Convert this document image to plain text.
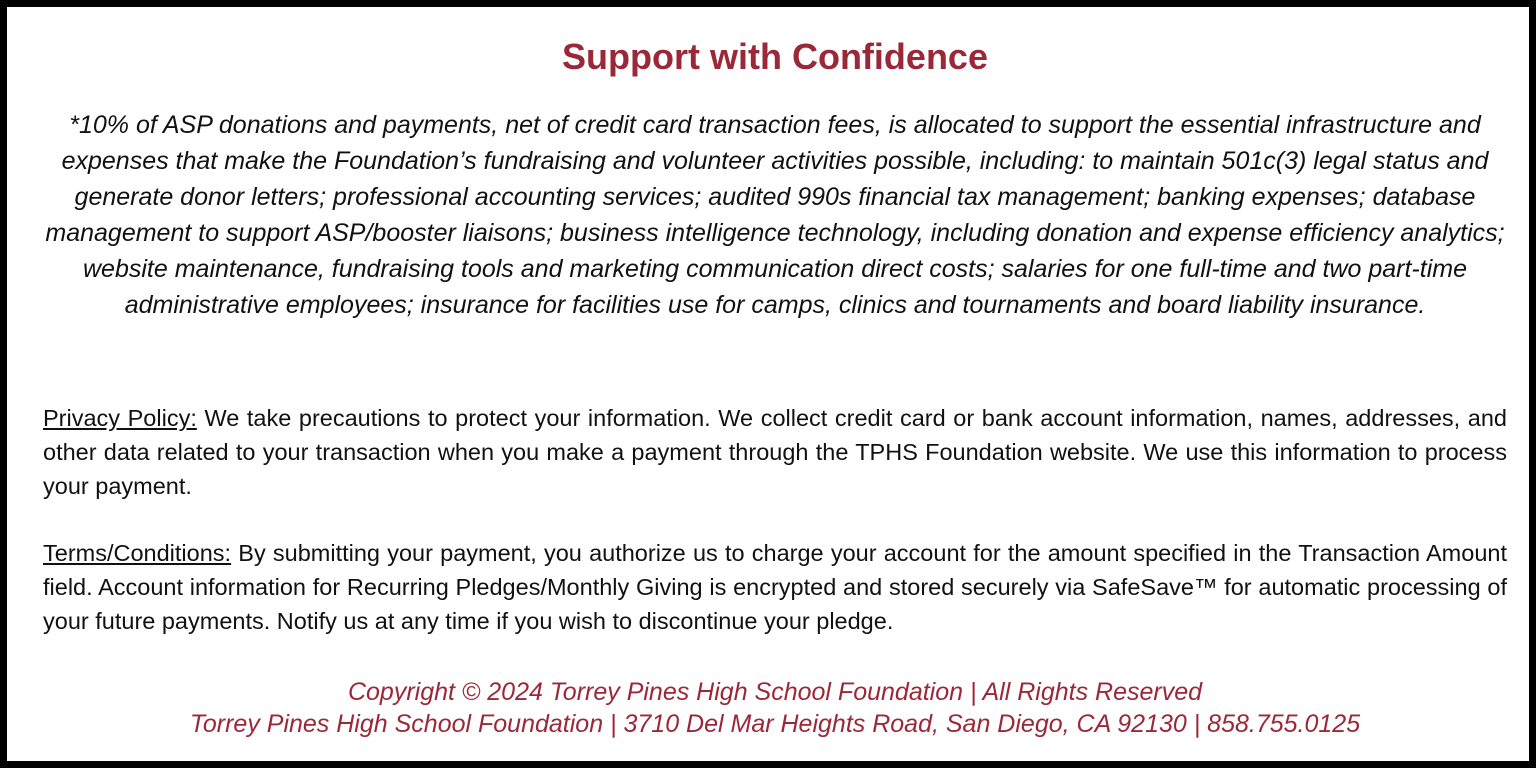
Support with Confidence

*10% of ASP donations and payments, net of credit card transaction fees, is allocated to support the essential infrastructure and expenses that make the Foundation’s fundraising and volunteer activities possible, including: to maintain 501c(3) legal status and generate donor letters; professional accounting services; audited 990s financial tax management; banking expenses; database management to support ASP/booster liaisons; business intelligence technology, including donation and expense efficiency analytics; website maintenance, fundraising tools and marketing communication direct costs; salaries for one full-time and two part-time administrative employees; insurance for facilities use for camps, clinics and tournaments and board liability insurance.

Privacy Policy: We take precautions to protect your information. We collect credit card or bank account information, names, addresses, and other data related to your transaction when you make a payment through the TPHS Foundation website. We use this information to process your payment.

Terms/Conditions: By submitting your payment, you authorize us to charge your account for the amount specified in the Transaction Amount field. Account information for Recurring Pledges/Monthly Giving is encrypted and stored securely via SafeSave™ for automatic processing of your future payments. Notify us at any time if you wish to discontinue your pledge.

Copyright © 2024 Torrey Pines High School Foundation | All Rights Reserved

Torrey Pines High School Foundation | 3710 Del Mar Heights Road, San Diego, CA 92130 | 858.755.0125
